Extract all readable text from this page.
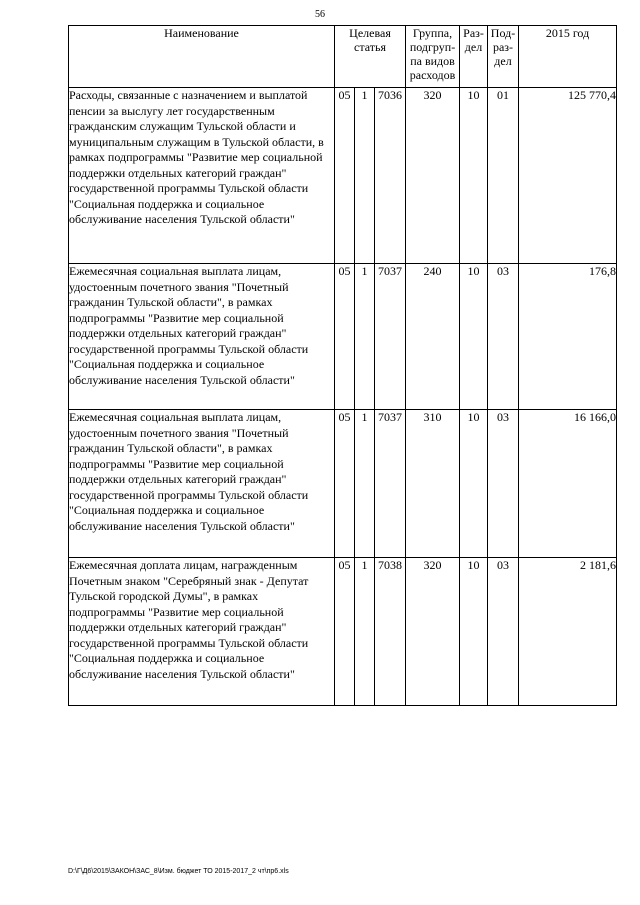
56
Наименование	Целевая статья			Группа, подгруп-па видов расходов	Раз-дел	Под-раз-дел	2015 год
Расходы, связанные с назначением и выплатой пенсии за выслугу лет государственным гражданским служащим Тульской области и муниципальным служащим в Тульской области, в рамках подпрограммы "Развитие мер социальной поддержки отдельных категорий граждан" государственной программы Тульской области "Социальная поддержка и социальное обслуживание населения Тульской области"	05	1	7036	320	10	01	125 770,4
Ежемесячная социальная выплата лицам, удостоенным почетного звания "Почетный гражданин Тульской области", в рамках подпрограммы "Развитие мер социальной поддержки отдельных категорий граждан" государственной программы Тульской области "Социальная поддержка и социальное обслуживание населения Тульской области"	05	1	7037	240	10	03	176,8
Ежемесячная социальная выплата лицам, удостоенным почетного звания "Почетный гражданин Тульской области", в рамках подпрограммы "Развитие мер социальной поддержки отдельных категорий граждан" государственной программы Тульской области "Социальная поддержка и социальное обслуживание населения Тульской области"	05	1	7037	310	10	03	16 166,0
Ежемесячная доплата лицам, награжденным Почетным знаком "Серебряный знак - Депутат Тульской городской Думы", в рамках подпрограммы "Развитие мер социальной поддержки отдельных категорий граждан" государственной программы Тульской области "Социальная поддержка и социальное обслуживание населения Тульской области"	05	1	7038	320	10	03	2 181,6
D:\Г\Д6\2015\ЗАКОН\ЗАС_8\Изм. бюджет ТО 2015-2017_2 чт\пр6.xls
